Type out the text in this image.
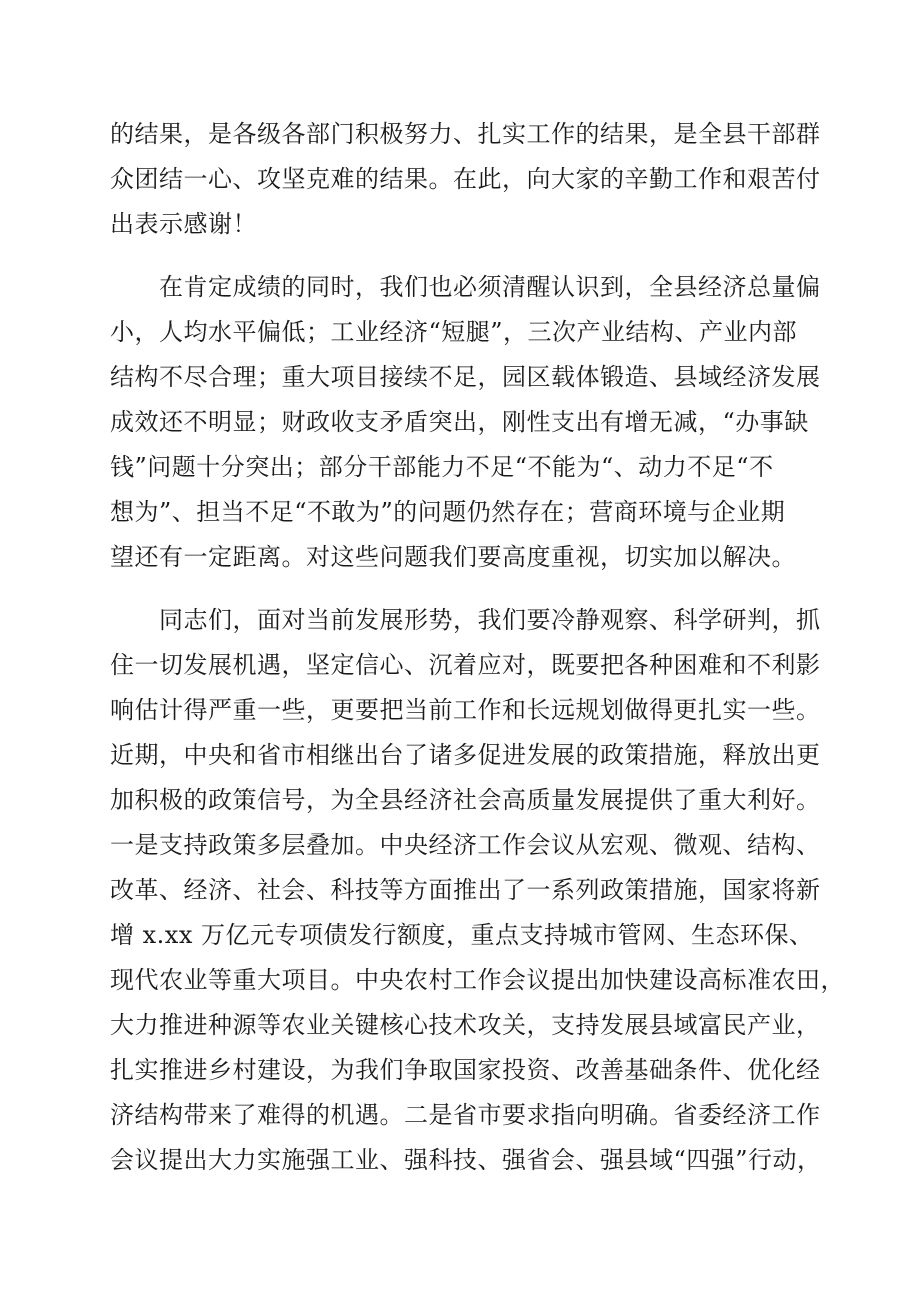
的结果，是各级各部门积极努力、扎实工作的结果，是全县干部群
众团结一心、攻坚克难的结果。在此，向大家的辛勤工作和艰苦付
出表示感谢！
　　在肯定成绩的同时，我们也必须清醒认识到，全县经济总量偏
小，人均水平偏低；工业经济“短腿”，三次产业结构、产业内部
结构不尽合理；重大项目接续不足，园区载体锻造、县域经济发展
成效还不明显；财政收支矛盾突出，刚性支出有增无减，“办事缺
钱”问题十分突出；部分干部能力不足“不能为“、动力不足“不
想为”、担当不足“不敢为”的问题仍然存在；营商环境与企业期
望还有一定距离。对这些问题我们要高度重视，切实加以解决。
　　同志们，面对当前发展形势，我们要冷静观察、科学研判，抓
住一切发展机遇，坚定信心、沉着应对，既要把各种困难和不利影
响估计得严重一些，更要把当前工作和长远规划做得更扎实一些。
近期，中央和省市相继出台了诸多促进发展的政策措施，释放出更
加积极的政策信号，为全县经济社会高质量发展提供了重大利好。
一是支持政策多层叠加。中央经济工作会议从宏观、微观、结构、
改革、经济、社会、科技等方面推出了一系列政策措施，国家将新
增 x.xx 万亿元专项债发行额度，重点支持城市管网、生态环保、
现代农业等重大项目。中央农村工作会议提出加快建设高标准农田，
大力推进种源等农业关键核心技术攻关，支持发展县域富民产业，
扎实推进乡村建设，为我们争取国家投资、改善基础条件、优化经
济结构带来了难得的机遇。二是省市要求指向明确。省委经济工作
会议提出大力实施强工业、强科技、强省会、强县域“四强”行动，
